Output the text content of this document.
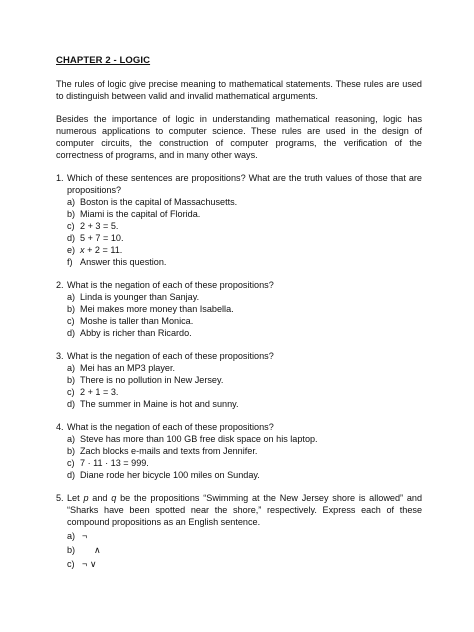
CHAPTER 2 - LOGIC
The rules of logic give precise meaning to mathematical statements. These rules are used to distinguish between valid and invalid mathematical arguments.
Besides the importance of logic in understanding mathematical reasoning, logic has numerous applications to computer science. These rules are used in the design of computer circuits, the construction of computer programs, the verification of the correctness of programs, and in many other ways.
1. Which of these sentences are propositions? What are the truth values of those that are propositions?
a) Boston is the capital of Massachusetts.
b) Miami is the capital of Florida.
c) 2 + 3 = 5.
d) 5 + 7 = 10.
e) x + 2 = 11.
f) Answer this question.
2. What is the negation of each of these propositions?
a) Linda is younger than Sanjay.
b) Mei makes more money than Isabella.
c) Moshe is taller than Monica.
d) Abby is richer than Ricardo.
3. What is the negation of each of these propositions?
a) Mei has an MP3 player.
b) There is no pollution in New Jersey.
c) 2 + 1 = 3.
d) The summer in Maine is hot and sunny.
4. What is the negation of each of these propositions?
a) Steve has more than 100 GB free disk space on his laptop.
b) Zach blocks e-mails and texts from Jennifer.
c) 7 · 11 · 13 = 999.
d) Diane rode her bicycle 100 miles on Sunday.
5. Let p and q be the propositions “Swimming at the New Jersey shore is allowed” and “Sharks have been spotted near the shore,” respectively. Express each of these compound propositions as an English sentence.
a) ¬
b)	∧
c) ¬ ∨
